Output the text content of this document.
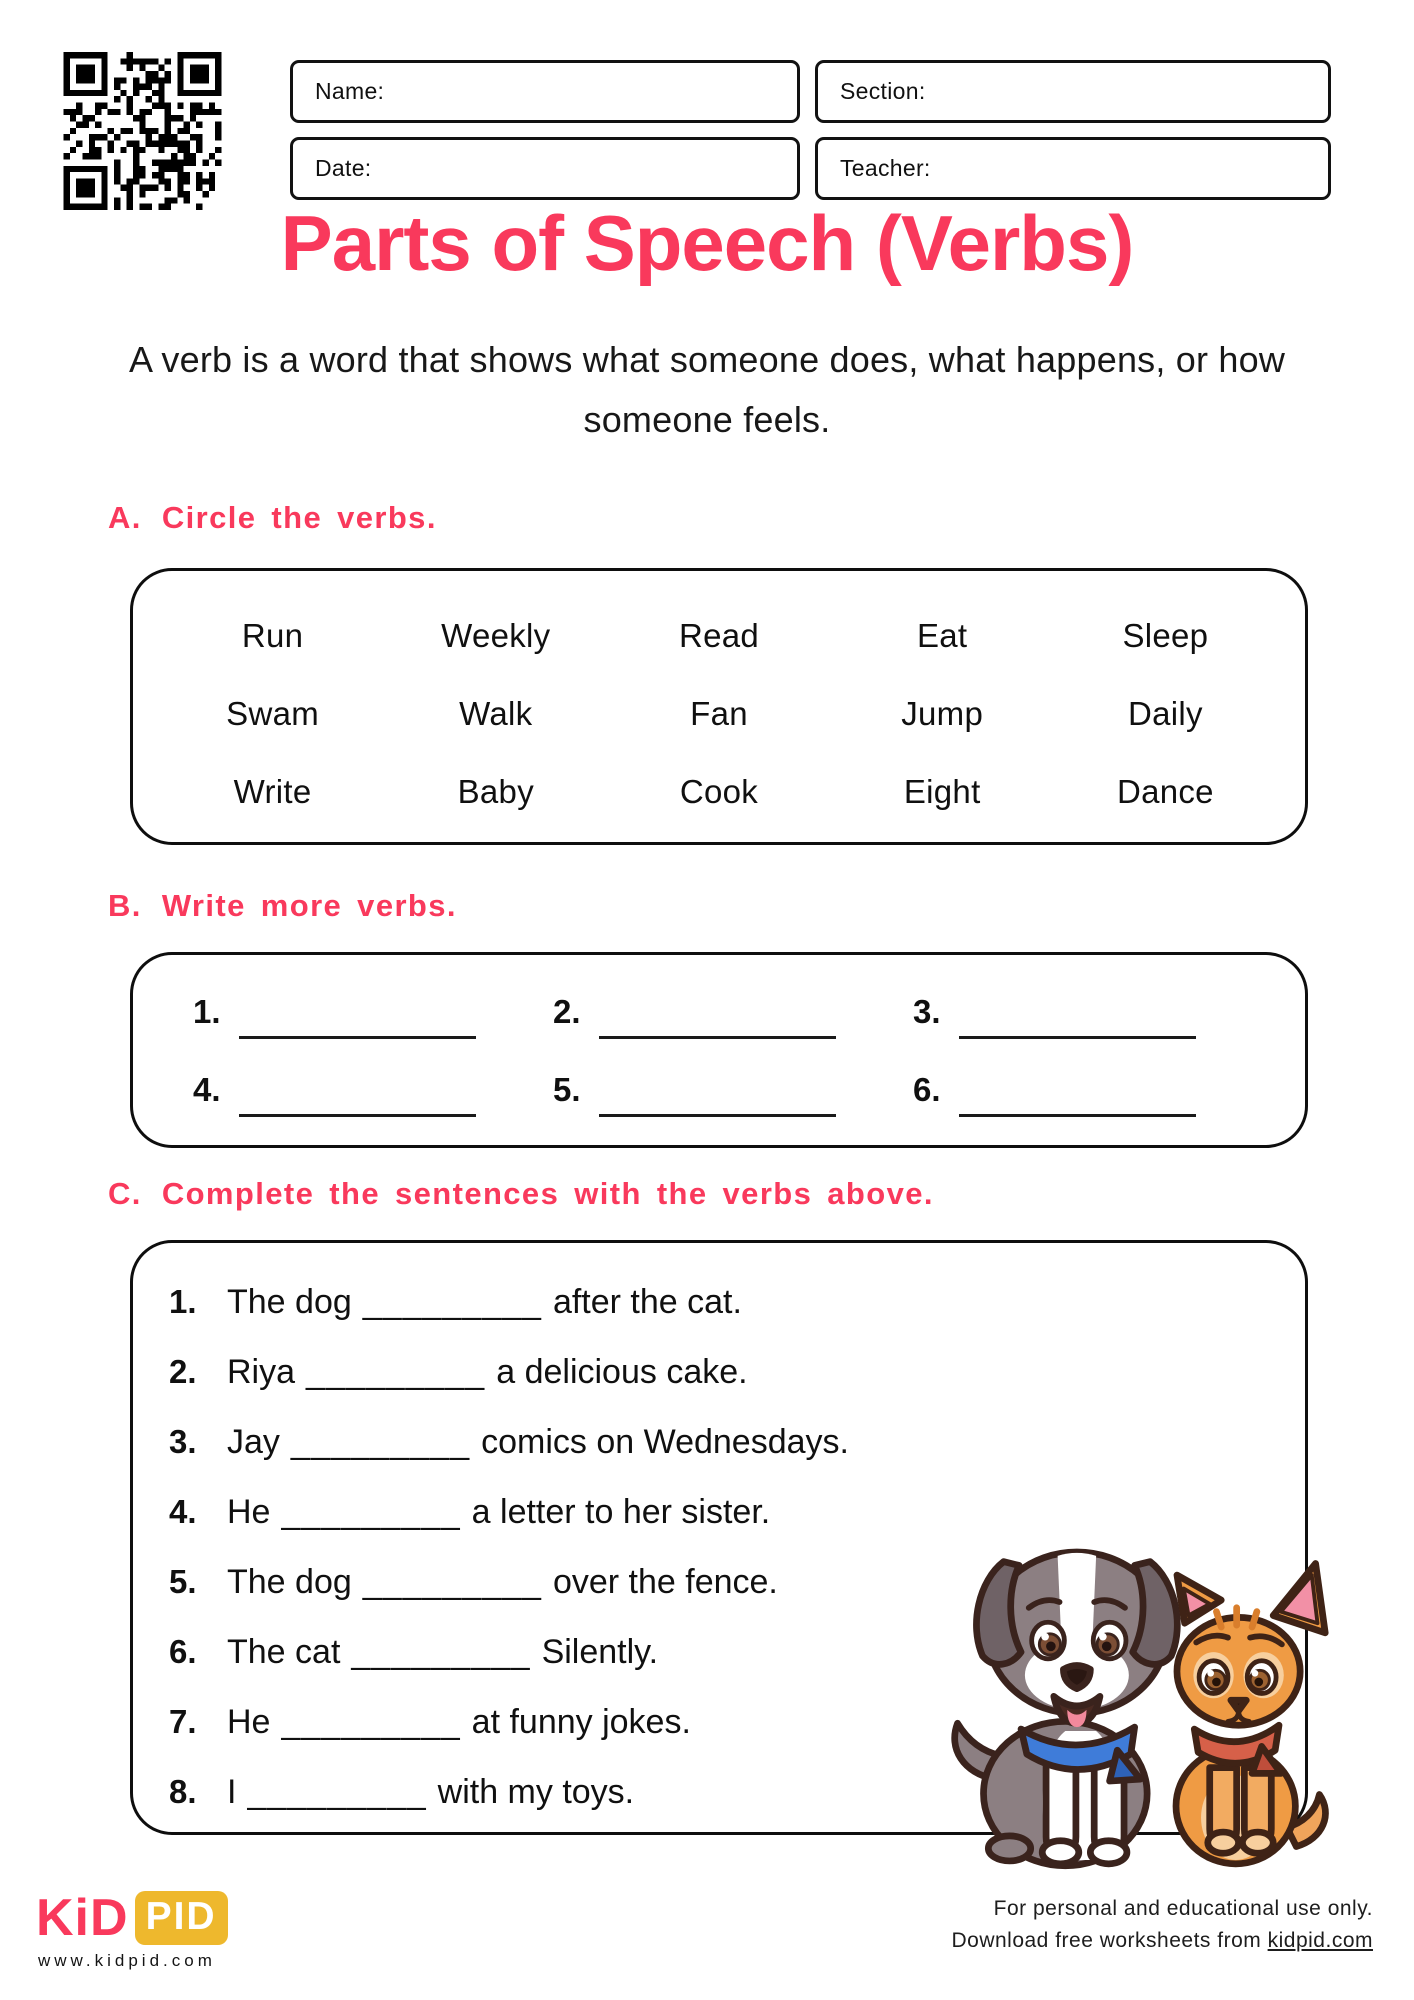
Name:	Section:
Date:	Teacher:
Parts of Speech (Verbs)
A verb is a word that shows what someone does, what happens, or how someone feels.
A. Circle the verbs.
Run	Weekly	Read	Eat	Sleep
Swam	Walk	Fan	Jump	Daily
Write	Baby	Cook	Eight	Dance
B. Write more verbs.
1.	2.	3.
4.	5.	6.
C. Complete the sentences with the verbs above.
1. The dog _________ after the cat.
2. Riya _________ a delicious cake.
3. Jay _________ comics on Wednesdays.
4. He _________ a letter to her sister.
5. The dog _________ over the fence.
6. The cat _________ Silently.
7. He _________ at funny jokes.
8. I _________ with my toys.
KiD PID
www.kidpid.com
For personal and educational use only.
Download free worksheets from kidpid.com
